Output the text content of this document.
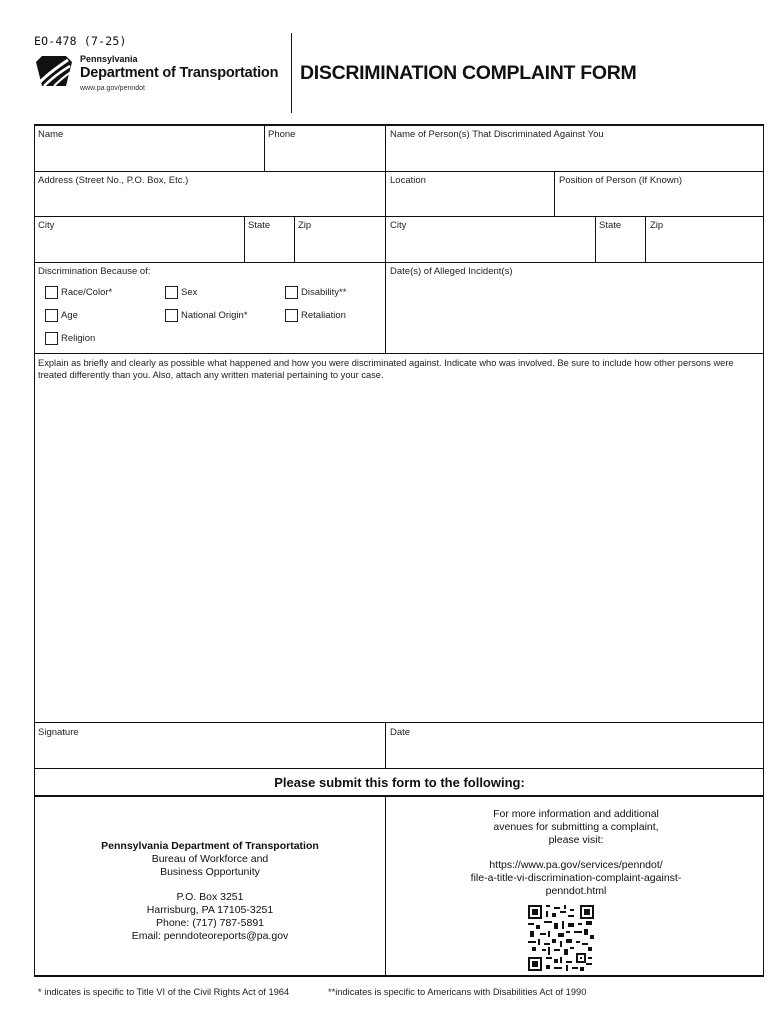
EO-478 (7-25)
Pennsylvania
Department of Transportation
www.pa.gov/penndot
DISCRIMINATION COMPLAINT FORM
Name	Phone	Name of Person(s) That Discriminated Against You
Address (Street No., P.O. Box, Etc.)	Location	Position of Person (If Known)
City	State	Zip	City	State	Zip
Discrimination Because of:	Date(s) of Alleged Incident(s)
Race/Color*	Sex	Disability**
Age	National Origin*	Retaliation
Religion
Explain as briefly and clearly as possible what happened and how you were discriminated against. Indicate who was involved. Be sure to include how other persons were treated differently than you. Also, attach any written material pertaining to your case.
Signature	Date
Please submit this form to the following:
Pennsylvania Department of Transportation
Bureau of Workforce and
Business Opportunity
P.O. Box 3251
Harrisburg, PA 17105-3251
Phone: (717) 787-5891
Email: penndoteoreports@pa.gov
For more information and additional
avenues for submitting a complaint,
please visit:
https://www.pa.gov/services/penndot/
file-a-title-vi-discrimination-complaint-against-
penndot.html
* indicates is specific to Title VI of the Civil Rights Act of 1964	**indicates is specific to Americans with Disabilities Act of 1990
